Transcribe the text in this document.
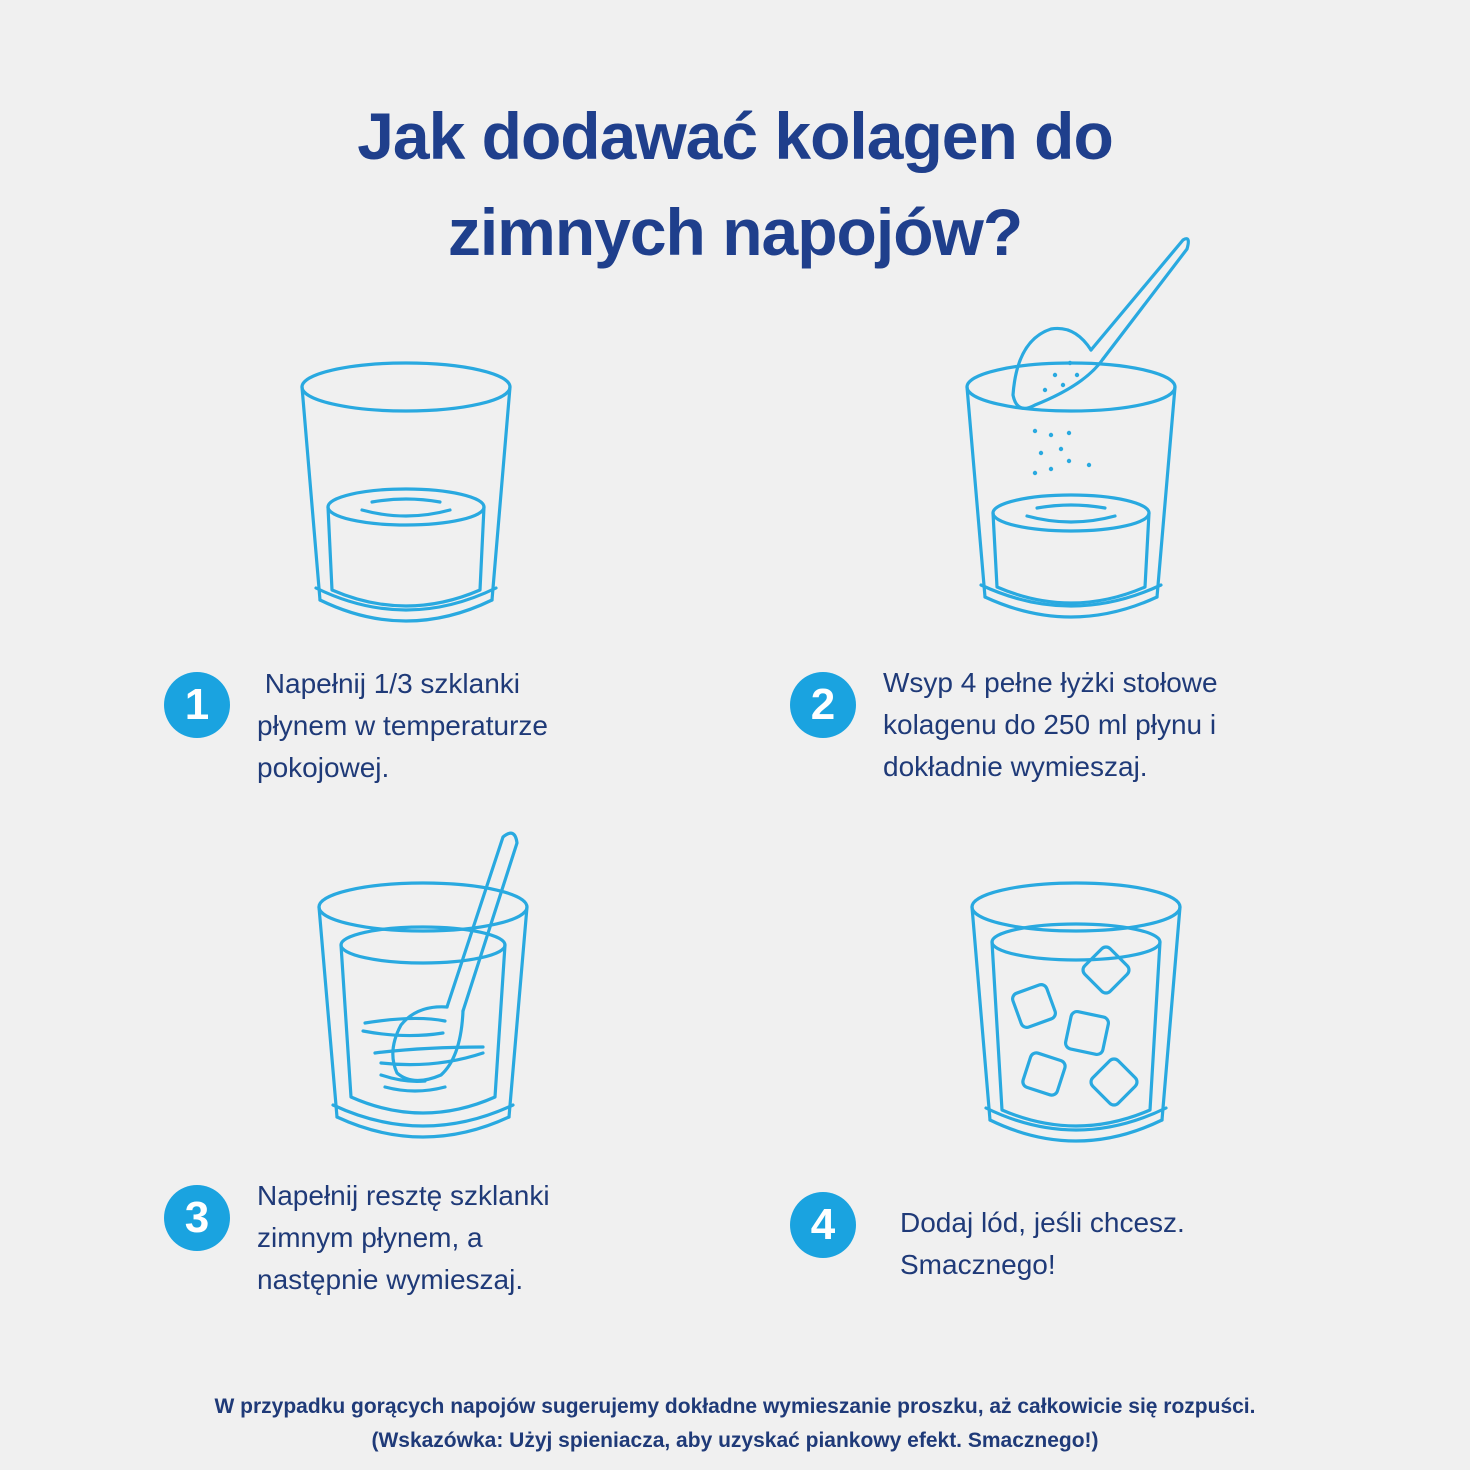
Jak dodawać kolagen do
zimnych napojów?
1	Napełnij 1/3 szklanki
płynem w temperaturze
pokojowej.
2	Wsyp 4 pełne łyżki stołowe
kolagenu do 250 ml płynu i
dokładnie wymieszaj.
3	Napełnij resztę szklanki
zimnym płynem, a
następnie wymieszaj.
4	Dodaj lód, jeśli chcesz.
Smacznego!
W przypadku gorących napojów sugerujemy dokładne wymieszanie proszku, aż całkowicie się rozpuści.
(Wskazówka: Użyj spieniacza, aby uzyskać piankowy efekt. Smacznego!)
